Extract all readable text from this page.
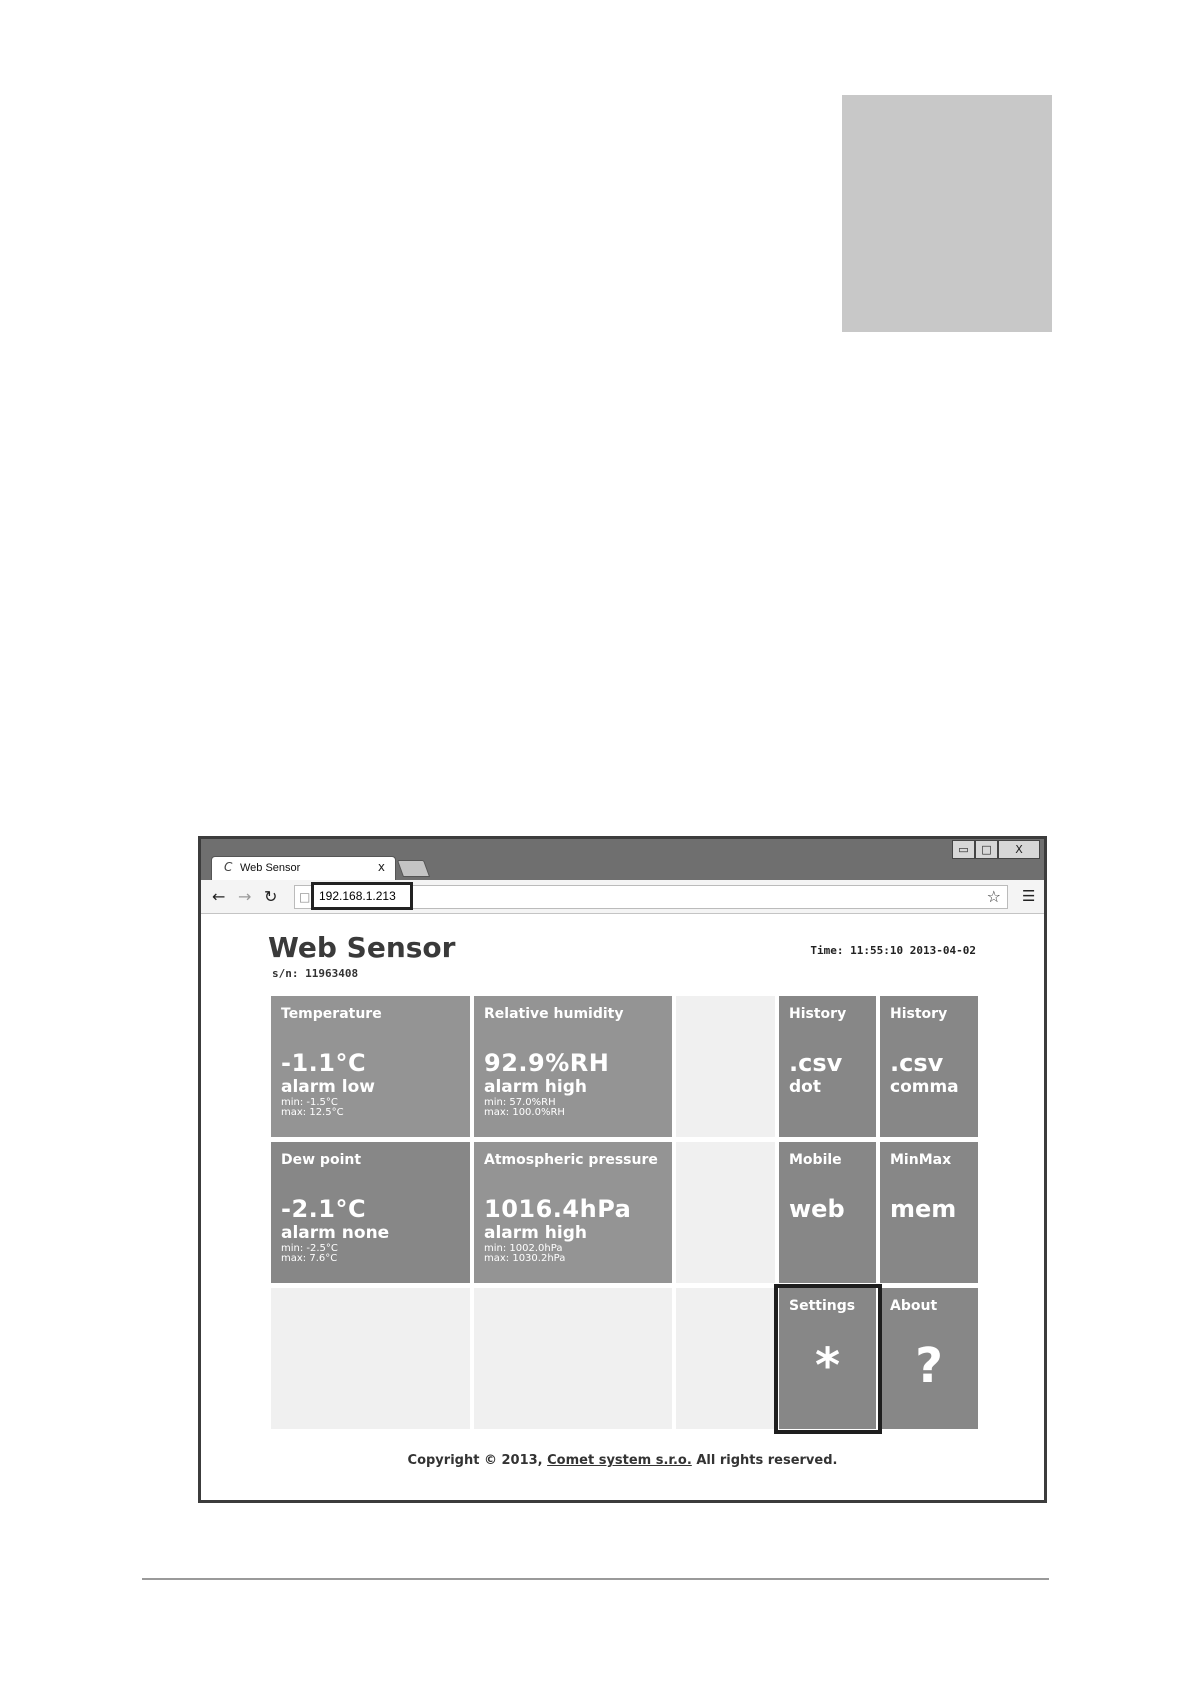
C Web Sensor	x
▭	□	X
← → ↻ □ 192.168.1.213	☆ ☰
Web Sensor
s/n: 11963408
Time: 11:55:10 2013-04-02
Temperature
-1.1°C
alarm low
min: -1.5°C
max: 12.5°C
Relative humidity
92.9%RH
alarm high
min: 57.0%RH
max: 100.0%RH
History
.csv
dot
History
.csv
comma
Dew point
-2.1°C
alarm none
min: -2.5°C
max: 7.6°C
Atmospheric pressure
1016.4hPa
alarm high
min: 1002.0hPa
max: 1030.2hPa
Mobile
web
MinMax
mem
Settings
*
About
?
Copyright © 2013, Comet system s.r.o. All rights reserved.
